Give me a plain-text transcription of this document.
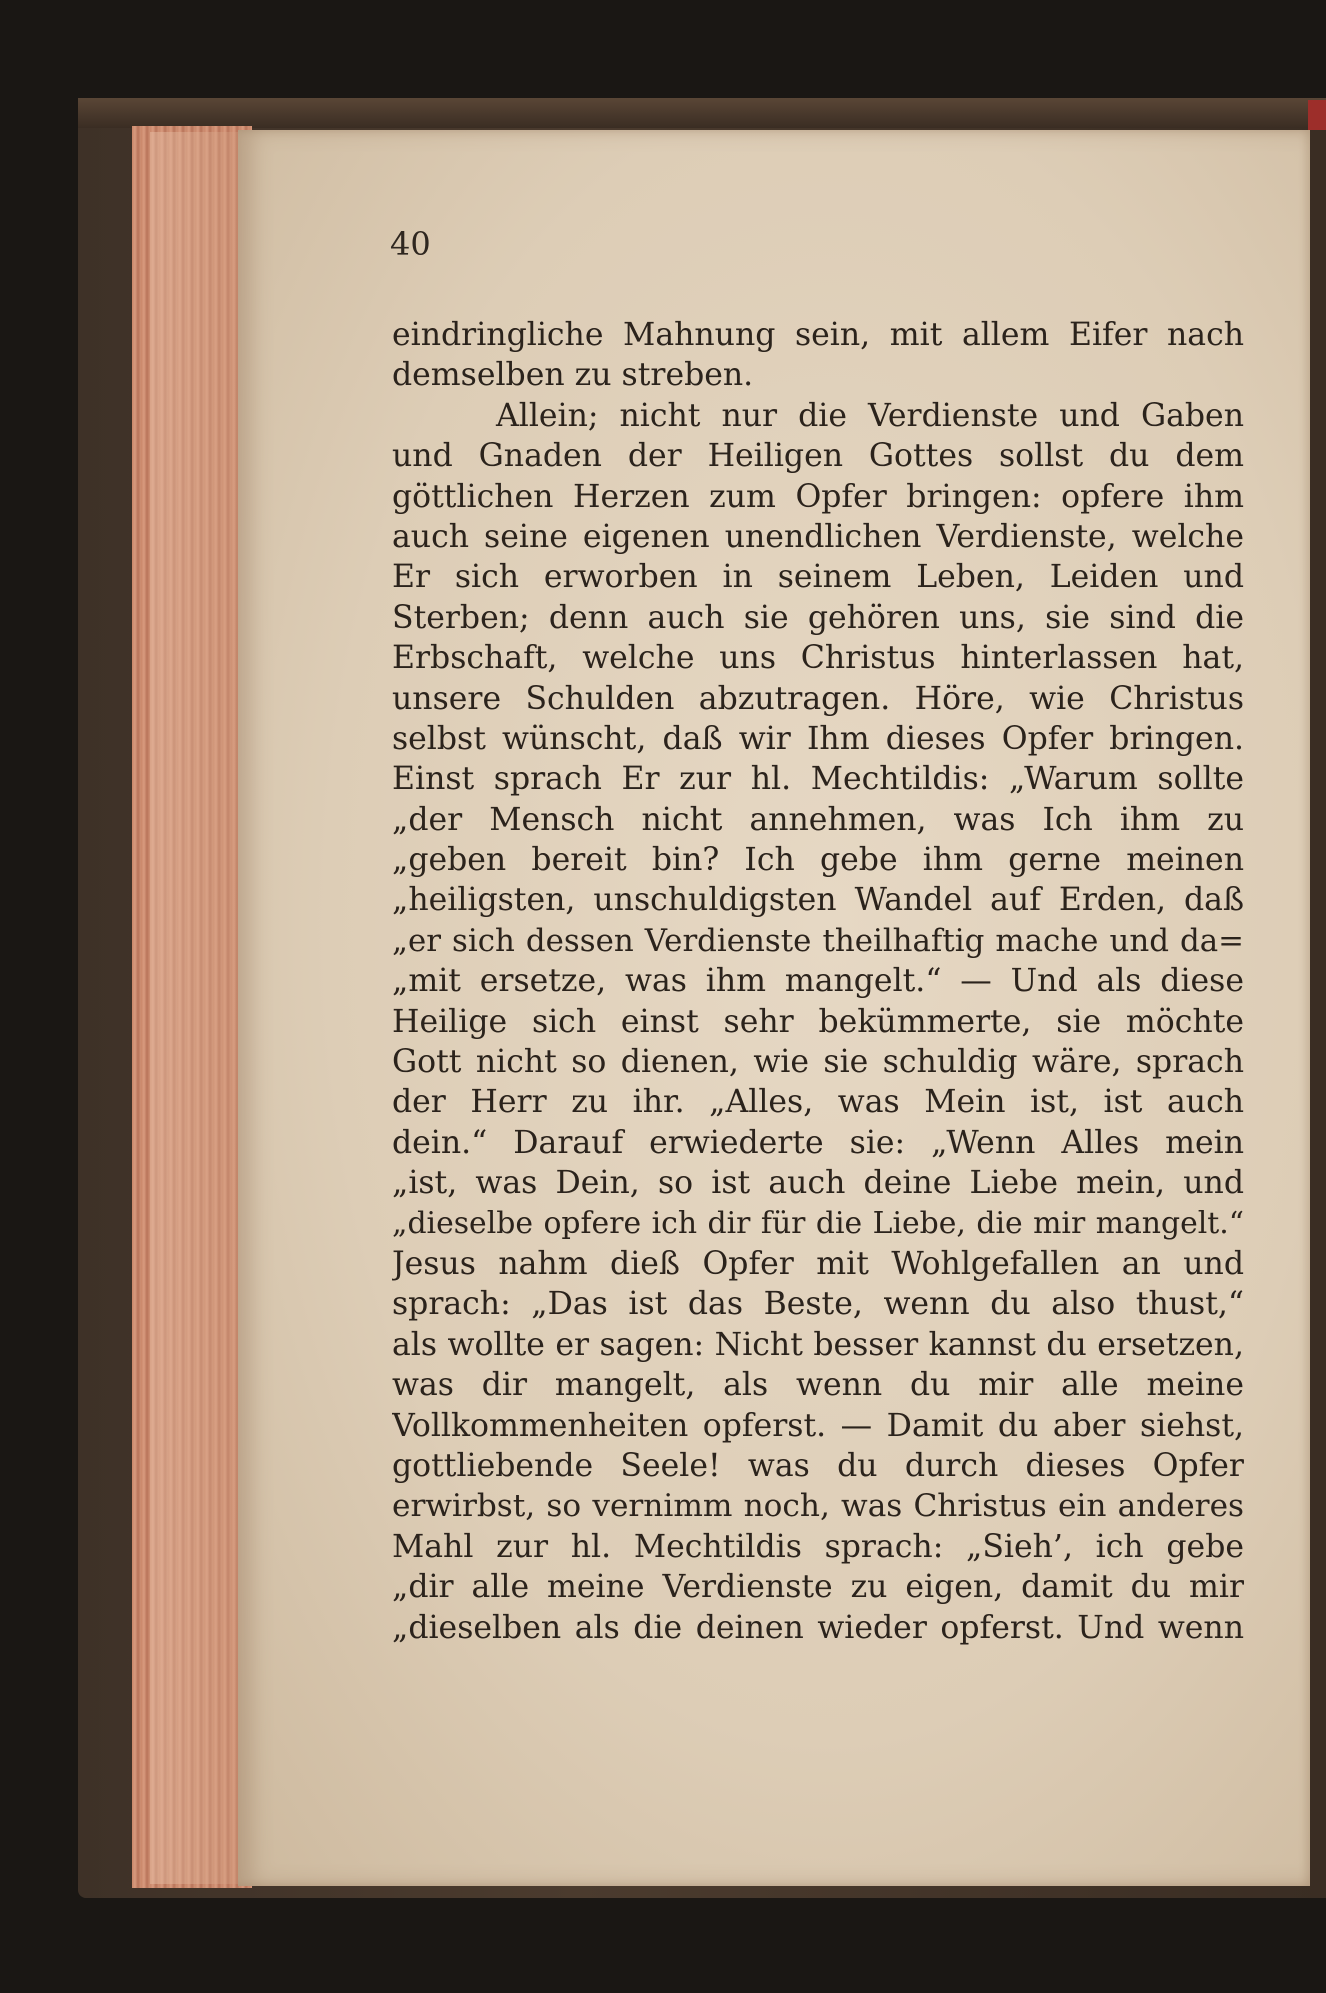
40

eindringliche Mahnung sein, mit allem Eifer nach
demselben zu streben.
Allein; nicht nur die Verdienste und Gaben
und Gnaden der Heiligen Gottes sollst du dem
göttlichen Herzen zum Opfer bringen: opfere ihm
auch seine eigenen unendlichen Verdienste, welche
Er sich erworben in seinem Leben, Leiden und
Sterben; denn auch sie gehören uns, sie sind die
Erbschaft, welche uns Christus hinterlassen hat,
unsere Schulden abzutragen. Höre, wie Christus
selbst wünscht, daß wir Ihm dieses Opfer bringen.
Einst sprach Er zur hl. Mechtildis: „Warum sollte
„der Mensch nicht annehmen, was Ich ihm zu
„geben bereit bin? Ich gebe ihm gerne meinen
„heiligsten, unschuldigsten Wandel auf Erden, daß
„er sich dessen Verdienste theilhaftig mache und da=
„mit ersetze, was ihm mangelt.“ — Und als diese
Heilige sich einst sehr bekümmerte, sie möchte
Gott nicht so dienen, wie sie schuldig wäre, sprach
der Herr zu ihr. „Alles, was Mein ist, ist auch
dein.“ Darauf erwiederte sie: „Wenn Alles mein
„ist, was Dein, so ist auch deine Liebe mein, und
„dieselbe opfere ich dir für die Liebe, die mir mangelt.“
Jesus nahm dieß Opfer mit Wohlgefallen an und
sprach: „Das ist das Beste, wenn du also thust,“
als wollte er sagen: Nicht besser kannst du ersetzen,
was dir mangelt, als wenn du mir alle meine
Vollkommenheiten opferst. — Damit du aber siehst,
gottliebende Seele! was du durch dieses Opfer
erwirbst, so vernimm noch, was Christus ein anderes
Mahl zur hl. Mechtildis sprach: „Sieh’, ich gebe
„dir alle meine Verdienste zu eigen, damit du mir
„dieselben als die deinen wieder opferst. Und wenn
